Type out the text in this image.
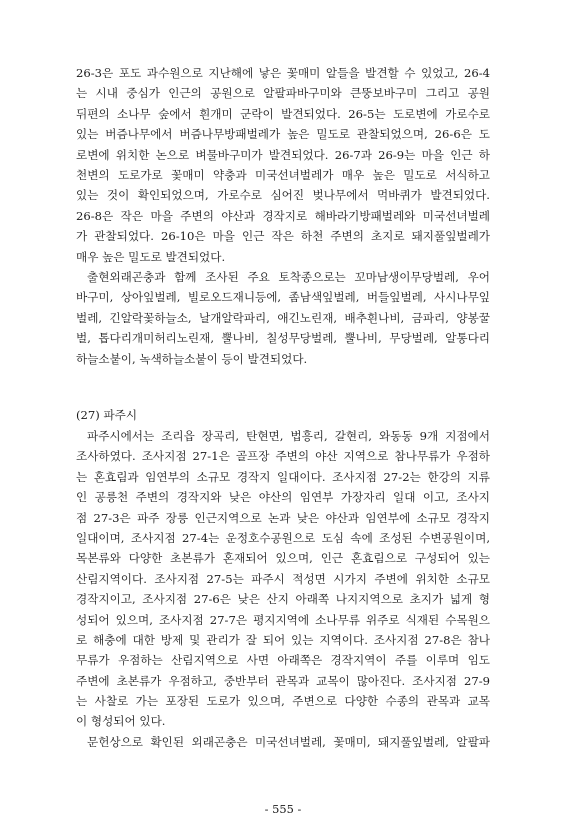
26-3은 포도 과수원으로 지난해에 낳은 꽃매미 알들을 발견할 수 있었고, 26-4
는 시내 중심가 인근의 공원으로 알팔파바구미와 큰뚱보바구미 그리고 공원
뒤편의 소나무 숲에서 흰개미 군락이 발견되었다. 26-5는 도로변에 가로수로
있는 버즘나무에서 버즘나무방패벌레가 높은 밀도로 관찰되었으며, 26-6은 도
로변에 위치한 논으로 벼물바구미가 발견되었다. 26-7과 26-9는 마을 인근 하
천변의 도로가로 꽃매미 약충과 미국선녀벌레가 매우 높은 밀도로 서식하고
있는 것이 확인되었으며, 가로수로 심어진 벚나무에서 먹바퀴가 발견되었다.
26-8은 작은 마을 주변의 야산과 경작지로 해바라기방패벌레와 미국선녀벌레
가 관찰되었다. 26-10은 마을 인근 작은 하천 주변의 초지로 돼지풀잎벌레가
매우 높은 밀도로 발견되었다.
출현외래곤충과 함께 조사된 주요 토착종으로는 꼬마남생이무당벌레, 우어
바구미, 상아잎벌레, 빌로오드재니등에, 좀남색잎벌레, 버들잎벌레, 사시나무잎
벌레, 긴알락꽃하늘소, 날개알락파리, 애긴노린재, 배추흰나비, 금파리, 양봉꿀
벌, 톱다리개미허리노린재, 뿔나비, 칠성무당벌레, 뿔나비, 무당벌레, 알통다리
하늘소붙이, 녹색하늘소붙이 등이 발견되었다.
(27) 파주시
파주시에서는 조리읍 장곡리, 탄현면, 법흥리, 갈현리, 와동동 9개 지점에서
조사하였다. 조사지점 27-1은 골프장 주변의 야산 지역으로 참나무류가 우점하
는 혼효림과 임연부의 소규모 경작지 일대이다. 조사지점 27-2는 한강의 지류
인 공릉천 주변의 경작지와 낮은 야산의 임연부 가장자리 일대 이고, 조사지
점 27-3은 파주 장릉 인근지역으로 논과 낮은 야산과 임연부에 소규모 경작지
일대이며, 조사지점 27-4는 운정호수공원으로 도심 속에 조성된 수변공원이며,
목본류와 다양한 초본류가 혼재되어 있으며, 인근 혼효림으로 구성되어 있는
산림지역이다. 조사지점 27-5는 파주시 적성면 시가지 주변에 위치한 소규모
경작지이고, 조사지점 27-6은 낮은 산지 아래쪽 나지지역으로 초지가 넓게 형
성되어 있으며, 조사지점 27-7은 평지지역에 소나무류 위주로 식재된 수목원으
로 해충에 대한 방제 및 관리가 잘 되어 있는 지역이다. 조사지점 27-8은 참나
무류가 우점하는 산림지역으로 사면 아래쪽은 경작지역이 주를 이루며 임도
주변에 초본류가 우점하고, 중반부터 관목과 교목이 많아진다. 조사지점 27-9
는 사찰로 가는 포장된 도로가 있으며, 주변으로 다양한 수종의 관목과 교목
이 형성되어 있다.
문헌상으로 확인된 외래곤충은 미국선녀벌레, 꽃매미, 돼지풀잎벌레, 알팔파
- 555 -
